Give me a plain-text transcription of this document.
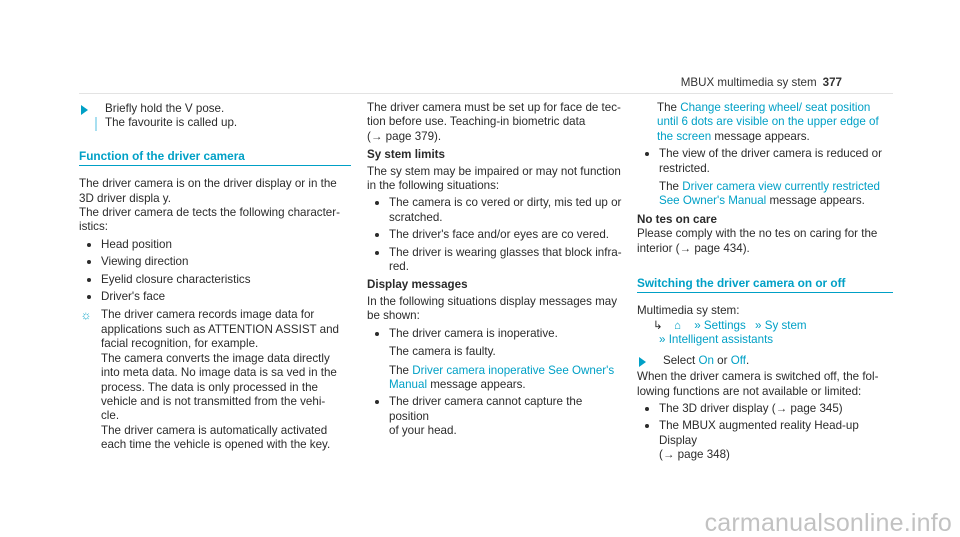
MBUX multimedia sy stem 377

Briefly hold the V pose.

The favourite is called up.

Function of the driver camera

The driver camera is on the driver display or in the

3D driver displa y.

The driver camera de tects the following character-

istics:

Head position

Viewing direction

Eyelid closure characteristics

Driver's face

☼ The driver camera records image data for

applications such as ATTENTION ASSIST and

facial recognition, for example.

The camera converts the image data directly

into meta data. No image data is sa ved in the

process. The data is only processed in the

vehicle and is not transmitted from the vehi-

cle.

The driver camera is automatically activated

each time the vehicle is opened with the key.

The driver camera must be set up for face de tec-

tion before use. Teaching-in biometric data

(→ page 379).

Sy stem limits

The sy stem may be impaired or may not function

in the following situations:

The camera is co vered or dirty, mis ted up or

scratched.

The driver's face and/or eyes are co vered.

The driver is wearing glasses that block infra-

red.

Display messages

In the following situations display messages may

be shown:

The driver camera is inoperative.

The camera is faulty.

The Driver camera inoperative See Owner's

Manual message appears.

The driver camera cannot capture the position

of your head.

The Change steering wheel/ seat position

until 6 dots are visible on the upper edge of

the screen message appears.

The view of the driver camera is reduced or

restricted.

The Driver camera view currently restricted

See Owner's Manual message appears.

No tes on care

Please comply with the no tes on caring for the

interior (→ page 434).

Switching the driver camera on or off

Multimedia sy stem:

↳ ⌂ » Settings » Sy stem
» Intelligent assistants

Select On or Off.

When the driver camera is switched off, the fol-

lowing functions are not available or limited:

The 3D driver display (→ page 345)

The MBUX augmented reality Head-up Display

(→ page 348)

carmanualsonline.info
